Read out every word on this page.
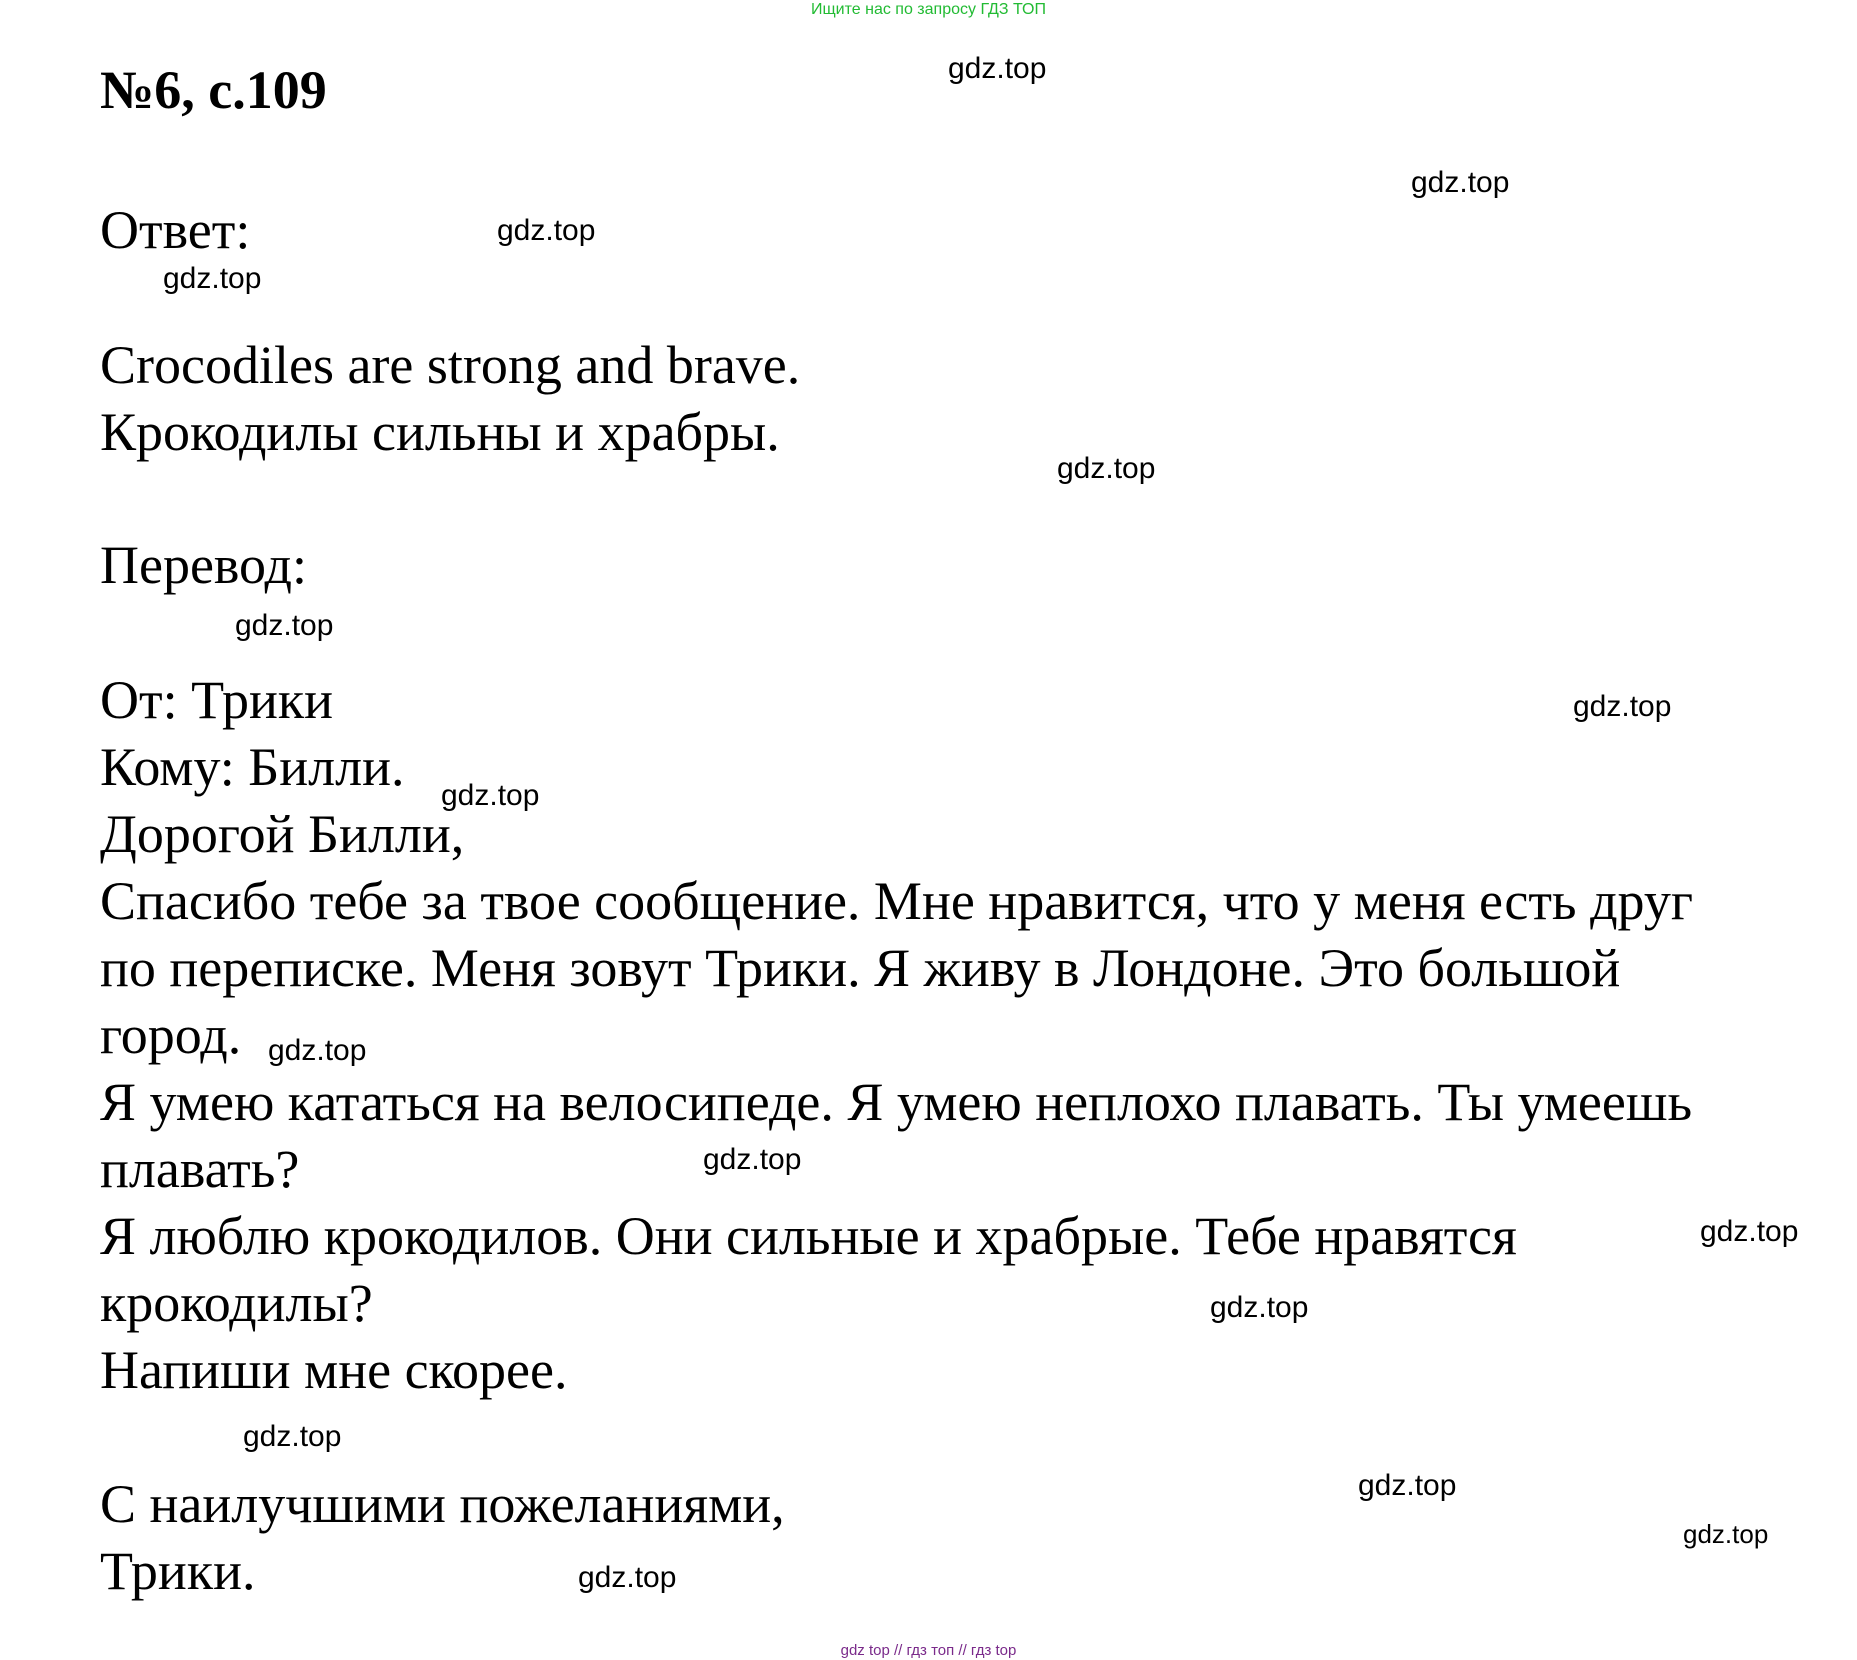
Ищите нас по запросу ГДЗ ТОП
№6, с.109
Ответ:
Crocodiles are strong and brave.
Крокодилы сильны и храбры.
Перевод:
От: Трики
Кому: Билли.
Дорогой Билли,
Спасибо тебе за твое сообщение. Мне нравится, что у меня есть друг
по переписке. Меня зовут Трики. Я живу в Лондоне. Это большой
город.
Я умею кататься на велосипеде. Я умею неплохо плавать. Ты умеешь
плавать?
Я люблю крокодилов. Они сильные и храбрые. Тебе нравятся
крокодилы?
Напиши мне скорее.
С наилучшими пожеланиями,
Трики.
gdz.top
gdz.top
gdz.top
gdz.top
gdz.top
gdz.top
gdz.top
gdz.top
gdz.top
gdz.top
gdz.top
gdz.top
gdz.top
gdz.top
gdz.top
gdz.top
gdz top // гдз топ // гдз top
